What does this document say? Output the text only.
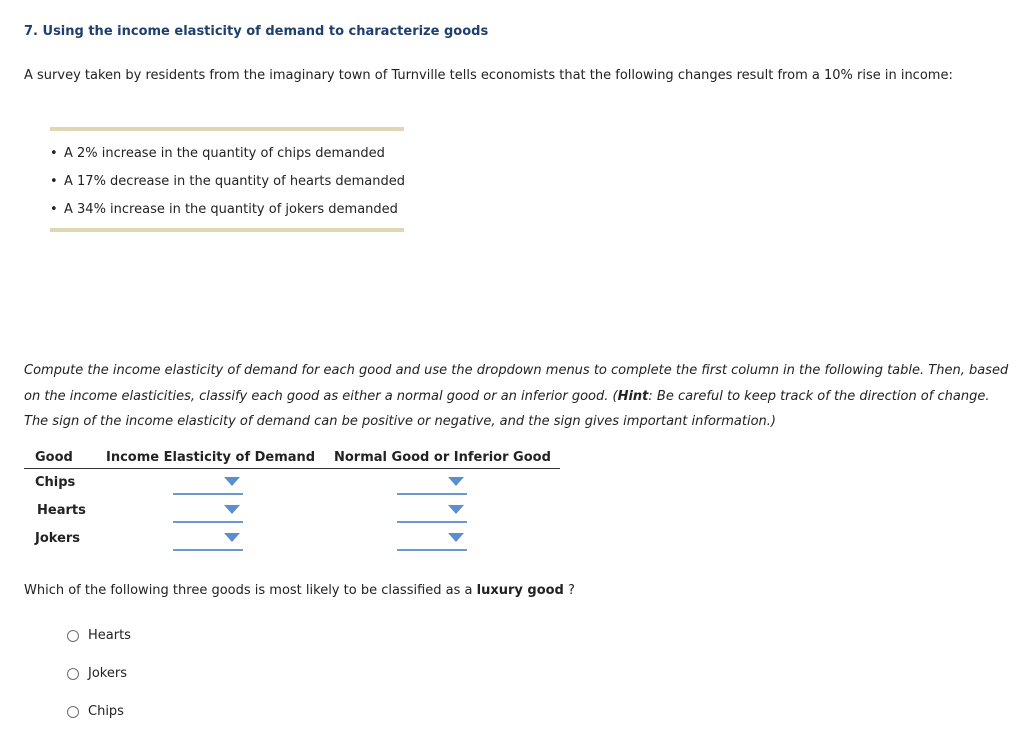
7. Using the income elasticity of demand to characterize goods
A survey taken by residents from the imaginary town of Turnville tells economists that the following changes result from a 10% rise in income:
• A 2% increase in the quantity of chips demanded
• A 17% decrease in the quantity of hearts demanded
• A 34% increase in the quantity of jokers demanded
Compute the income elasticity of demand for each good and use the dropdown menus to complete the first column in the following table. Then, based on the income elasticities, classify each good as either a normal good or an inferior good. (Hint: Be careful to keep track of the direction of change. The sign of the income elasticity of demand can be positive or negative, and the sign gives important information.)
Good	Income Elasticity of Demand Normal Good or Inferior Good
Chips
Hearts
Jokers
Which of the following three goods is most likely to be classified as a luxury good ?
Hearts
Jokers
Chips
